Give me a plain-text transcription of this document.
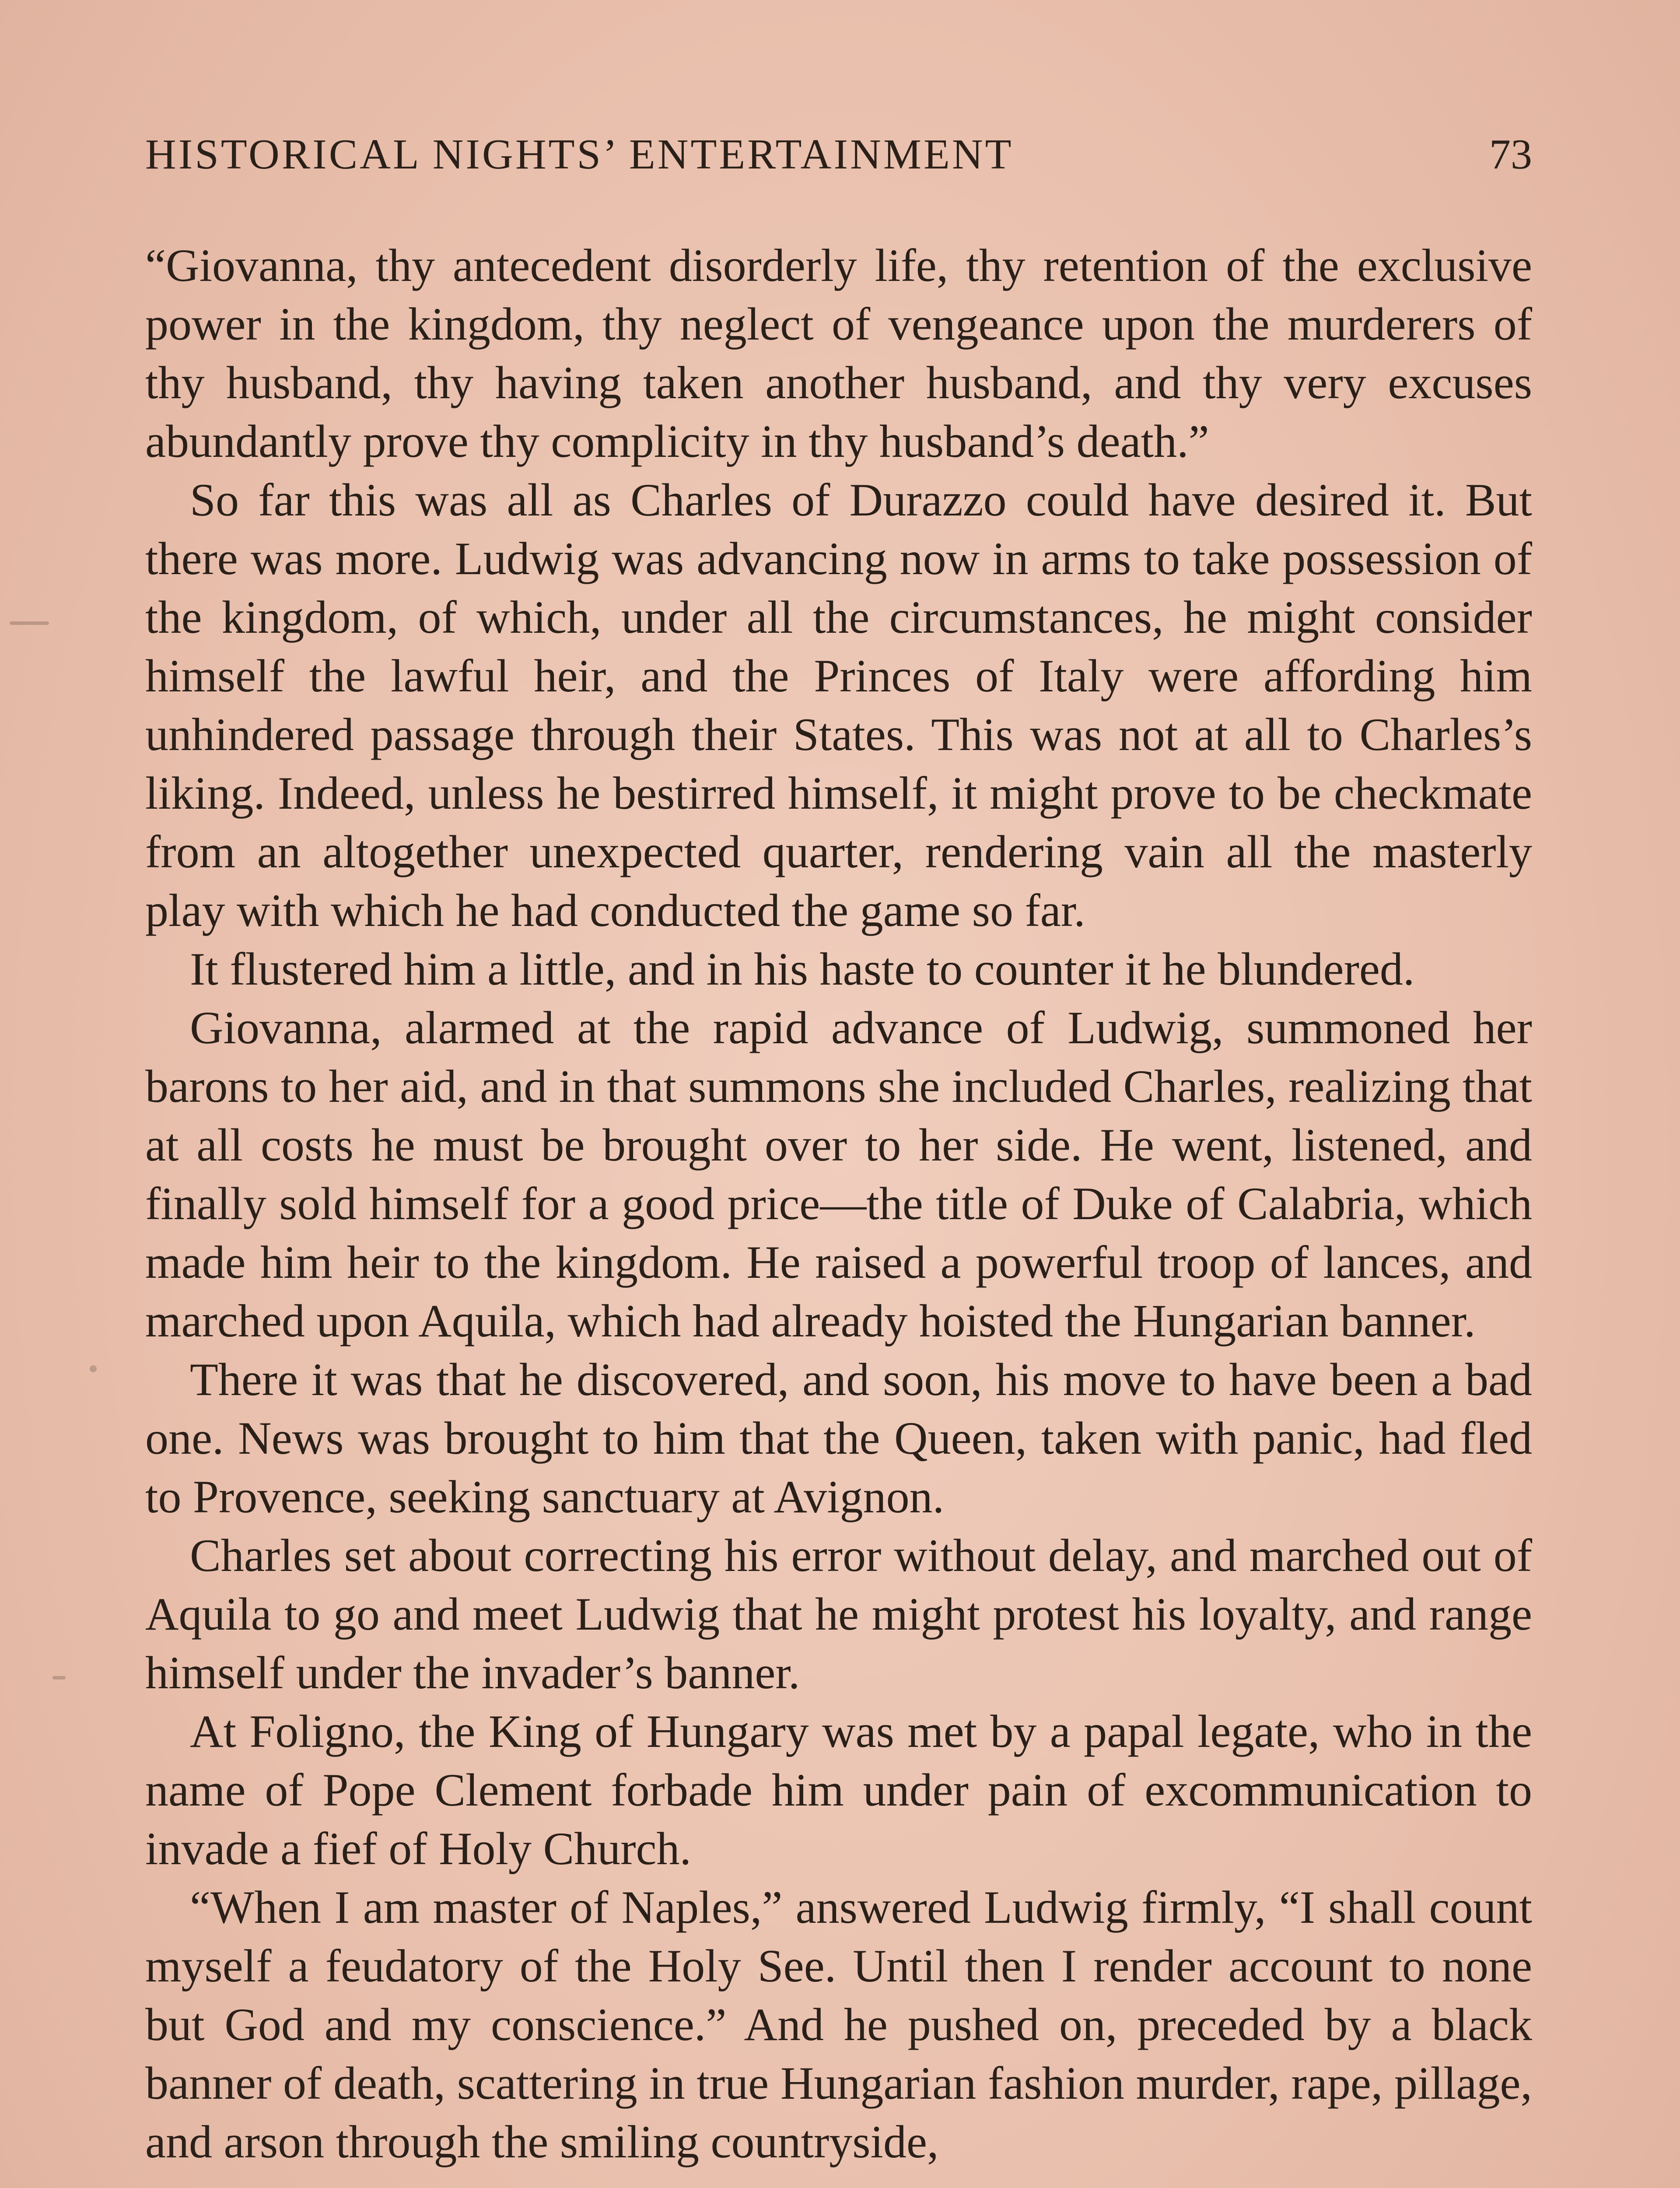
HISTORICAL NIGHTS’ ENTERTAINMENT	73

“Giovanna, thy antecedent disorderly life, thy retention of the exclusive power in the kingdom, thy neglect of vengeance upon the murderers of thy husband, thy having taken another husband, and thy very excuses abundantly prove thy complicity in thy husband’s death.”

So far this was all as Charles of Durazzo could have desired it. But there was more. Ludwig was advancing now in arms to take possession of the kingdom, of which, under all the circumstances, he might consider himself the lawful heir, and the Princes of Italy were affording him unhindered passage through their States. This was not at all to Charles’s liking. Indeed, unless he bestirred himself, it might prove to be checkmate from an altogether unexpected quarter, rendering vain all the masterly play with which he had conducted the game so far.

It flustered him a little, and in his haste to counter it he blundered.

Giovanna, alarmed at the rapid advance of Ludwig, summoned her barons to her aid, and in that summons she included Charles, realizing that at all costs he must be brought over to her side. He went, listened, and finally sold himself for a good price—the title of Duke of Calabria, which made him heir to the kingdom. He raised a powerful troop of lances, and marched upon Aquila, which had already hoisted the Hungarian banner.

There it was that he discovered, and soon, his move to have been a bad one. News was brought to him that the Queen, taken with panic, had fled to Provence, seeking sanctuary at Avignon.

Charles set about correcting his error without delay, and marched out of Aquila to go and meet Ludwig that he might protest his loyalty, and range himself under the invader’s banner.

At Foligno, the King of Hungary was met by a papal legate, who in the name of Pope Clement forbade him under pain of excommunication to invade a fief of Holy Church.

“When I am master of Naples,” answered Ludwig firmly, “I shall count myself a feudatory of the Holy See. Until then I render account to none but God and my conscience.” And he pushed on, preceded by a black banner of death, scattering in true Hungarian fashion murder, rape, pillage, and arson through the smiling countryside,
